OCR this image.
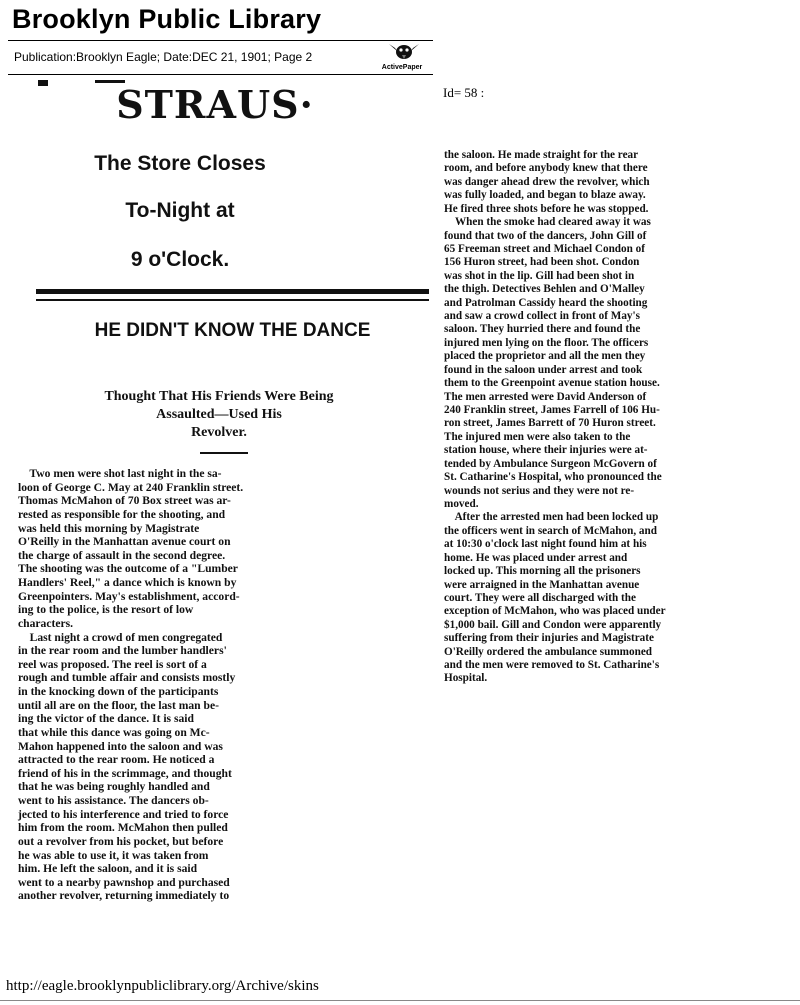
Brooklyn Public Library
Publication:Brooklyn Eagle; Date:DEC 21, 1901; Page 2
ActivePaper
Id= 58 :
STRAUS·
The Store Closes
To-Night at
9 o'Clock.
HE DIDN'T KNOW THE DANCE
Thought That His Friends Were Being
Assaulted—Used His
Revolver.
Two men were shot last night in the sa-
loon of George C. May at 240 Franklin street.
Thomas McMahon of 70 Box street was ar-
rested as responsible for the shooting, and
was held this morning by Magistrate
O'Reilly in the Manhattan avenue court on
the charge of assault in the second degree.
The shooting was the outcome of a "Lumber
Handlers' Reel," a dance which is known by
Greenpointers. May's establishment, accord-
ing to the police, is the resort of low
characters.
Last night a crowd of men congregated
in the rear room and the lumber handlers'
reel was proposed. The reel is sort of a
rough and tumble affair and consists mostly
in the knocking down of the participants
until all are on the floor, the last man be-
ing the victor of the dance. It is said
that while this dance was going on Mc-
Mahon happened into the saloon and was
attracted to the rear room. He noticed a
friend of his in the scrimmage, and thought
that he was being roughly handled and
went to his assistance. The dancers ob-
jected to his interference and tried to force
him from the room. McMahon then pulled
out a revolver from his pocket, but before
he was able to use it, it was taken from
him. He left the saloon, and it is said
went to a nearby pawnshop and purchased
another revolver, returning immediately to
the saloon. He made straight for the rear
room, and before anybody knew that there
was danger ahead drew the revolver, which
was fully loaded, and began to blaze away.
He fired three shots before he was stopped.
When the smoke had cleared away it was
found that two of the dancers, John Gill of
65 Freeman street and Michael Condon of
156 Huron street, had been shot. Condon
was shot in the lip. Gill had been shot in
the thigh. Detectives Behlen and O'Malley
and Patrolman Cassidy heard the shooting
and saw a crowd collect in front of May's
saloon. They hurried there and found the
injured men lying on the floor. The officers
placed the proprietor and all the men they
found in the saloon under arrest and took
them to the Greenpoint avenue station house.
The men arrested were David Anderson of
240 Franklin street, James Farrell of 106 Hu-
ron street, James Barrett of 70 Huron street.
The injured men were also taken to the
station house, where their injuries were at-
tended by Ambulance Surgeon McGovern of
St. Catharine's Hospital, who pronounced the
wounds not serius and they were not re-
moved.
After the arrested men had been locked up
the officers went in search of McMahon, and
at 10:30 o'clock last night found him at his
home. He was placed under arrest and
locked up. This morning all the prisoners
were arraigned in the Manhattan avenue
court. They were all discharged with the
exception of McMahon, who was placed under
$1,000 bail. Gill and Condon were apparently
suffering from their injuries and Magistrate
O'Reilly ordered the ambulance summoned
and the men were removed to St. Catharine's
Hospital.
http://eagle.brooklynpubliclibrary.org/Archive/skins
